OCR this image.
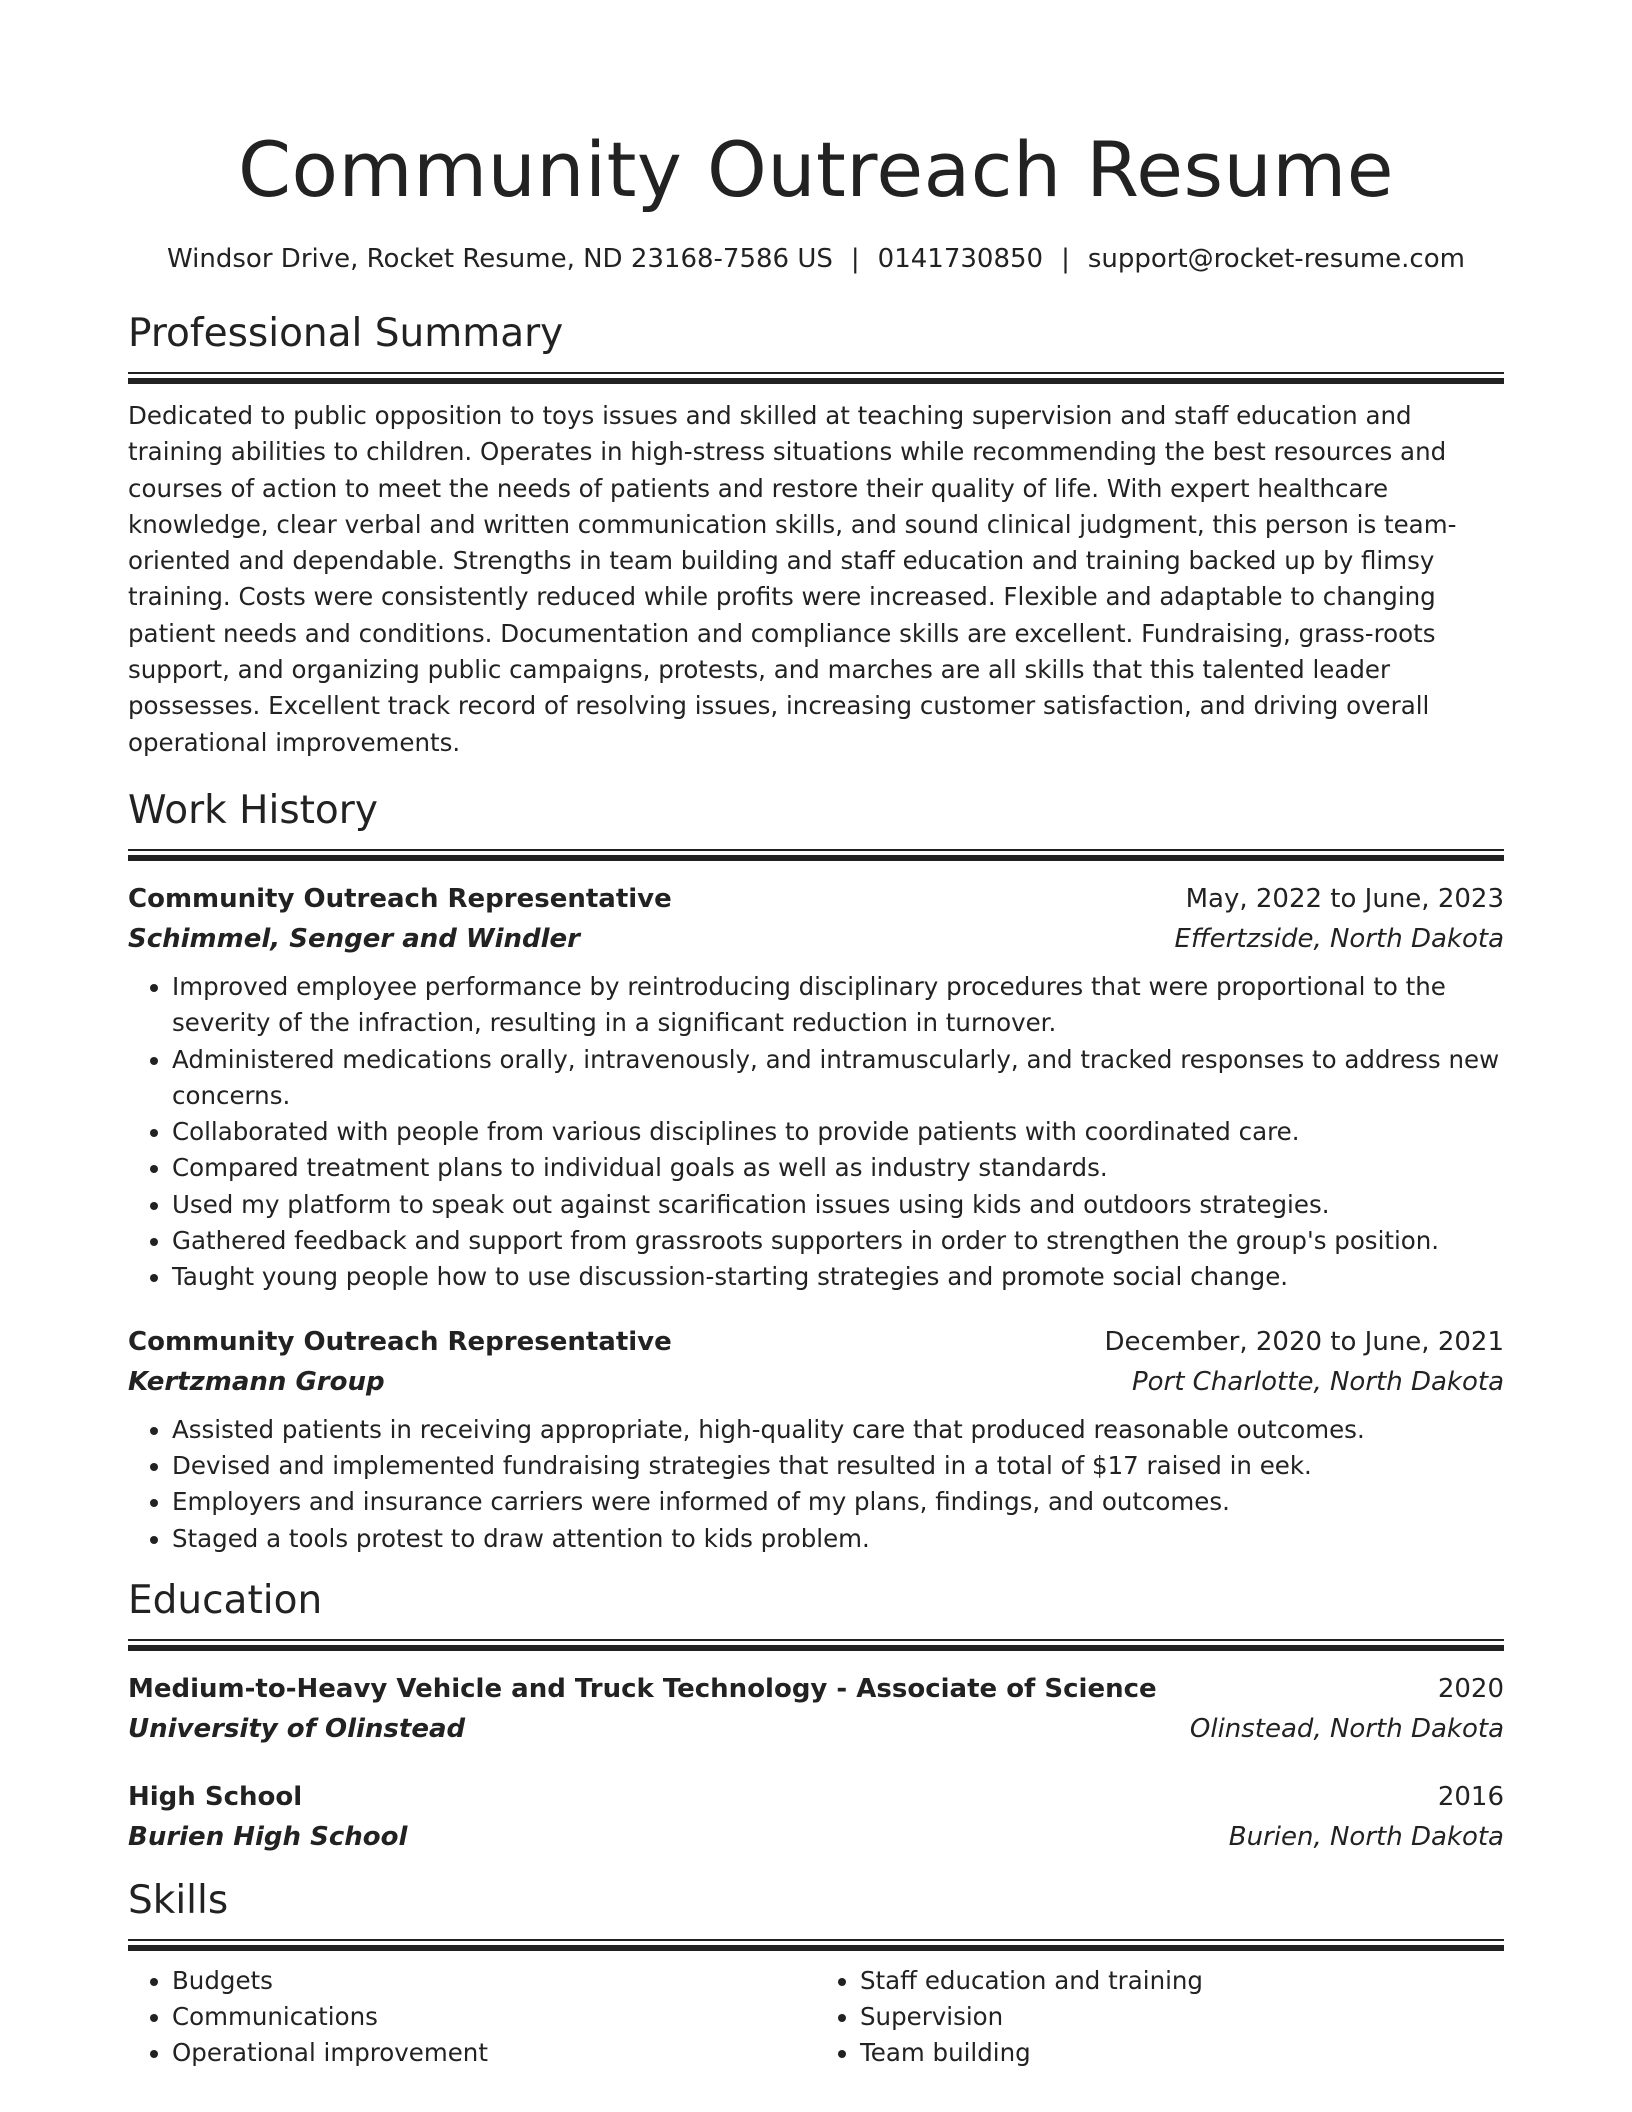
Community Outreach Resume
Windsor Drive, Rocket Resume, ND 23168-7586 US | 0141730850 | support@rocket-resume.com
Professional Summary
Dedicated to public opposition to toys issues and skilled at teaching supervision and staff education and training abilities to children. Operates in high-stress situations while recommending the best resources and courses of action to meet the needs of patients and restore their quality of life. With expert healthcare knowledge, clear verbal and written communication skills, and sound clinical judgment, this person is team-oriented and dependable. Strengths in team building and staff education and training backed up by flimsy training. Costs were consistently reduced while profits were increased. Flexible and adaptable to changing patient needs and conditions. Documentation and compliance skills are excellent. Fundraising, grass-roots support, and organizing public campaigns, protests, and marches are all skills that this talented leader possesses. Excellent track record of resolving issues, increasing customer satisfaction, and driving overall operational improvements.
Work History
Community Outreach Representative	May, 2022 to June, 2023
Schimmel, Senger and Windler	Effertzside, North Dakota
• Improved employee performance by reintroducing disciplinary procedures that were proportional to the severity of the infraction, resulting in a significant reduction in turnover.
• Administered medications orally, intravenously, and intramuscularly, and tracked responses to address new concerns.
• Collaborated with people from various disciplines to provide patients with coordinated care.
• Compared treatment plans to individual goals as well as industry standards.
• Used my platform to speak out against scarification issues using kids and outdoors strategies.
• Gathered feedback and support from grassroots supporters in order to strengthen the group's position.
• Taught young people how to use discussion-starting strategies and promote social change.
Community Outreach Representative	December, 2020 to June, 2021
Kertzmann Group	Port Charlotte, North Dakota
• Assisted patients in receiving appropriate, high-quality care that produced reasonable outcomes.
• Devised and implemented fundraising strategies that resulted in a total of $17 raised in eek.
• Employers and insurance carriers were informed of my plans, findings, and outcomes.
• Staged a tools protest to draw attention to kids problem.
Education
Medium-to-Heavy Vehicle and Truck Technology - Associate of Science	2020
University of Olinstead	Olinstead, North Dakota
High School	2016
Burien High School	Burien, North Dakota
Skills
• Budgets
• Communications
• Operational improvement
• Staff education and training
• Supervision
• Team building
